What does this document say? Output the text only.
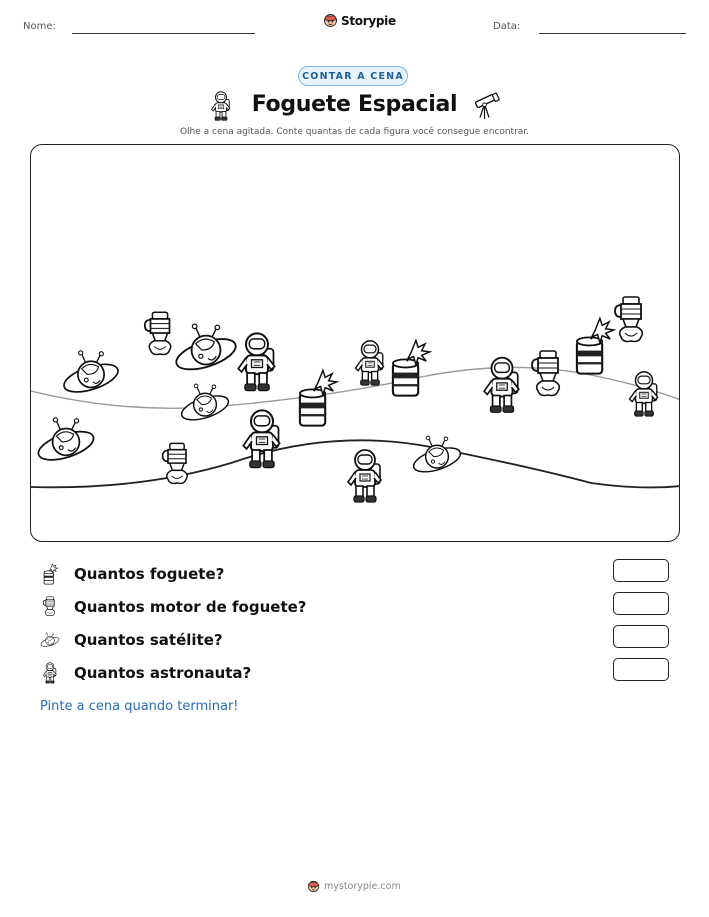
Nome:	Storypie	Data:
CONTAR A CENA
Foguete Espacial
Olhe a cena agitada. Conte quantas de cada figura você consegue encontrar.
Quantos foguete?
Quantos motor de foguete?
Quantos satélite?
Quantos astronauta?
Pinte a cena quando terminar!
mystorypie.com
